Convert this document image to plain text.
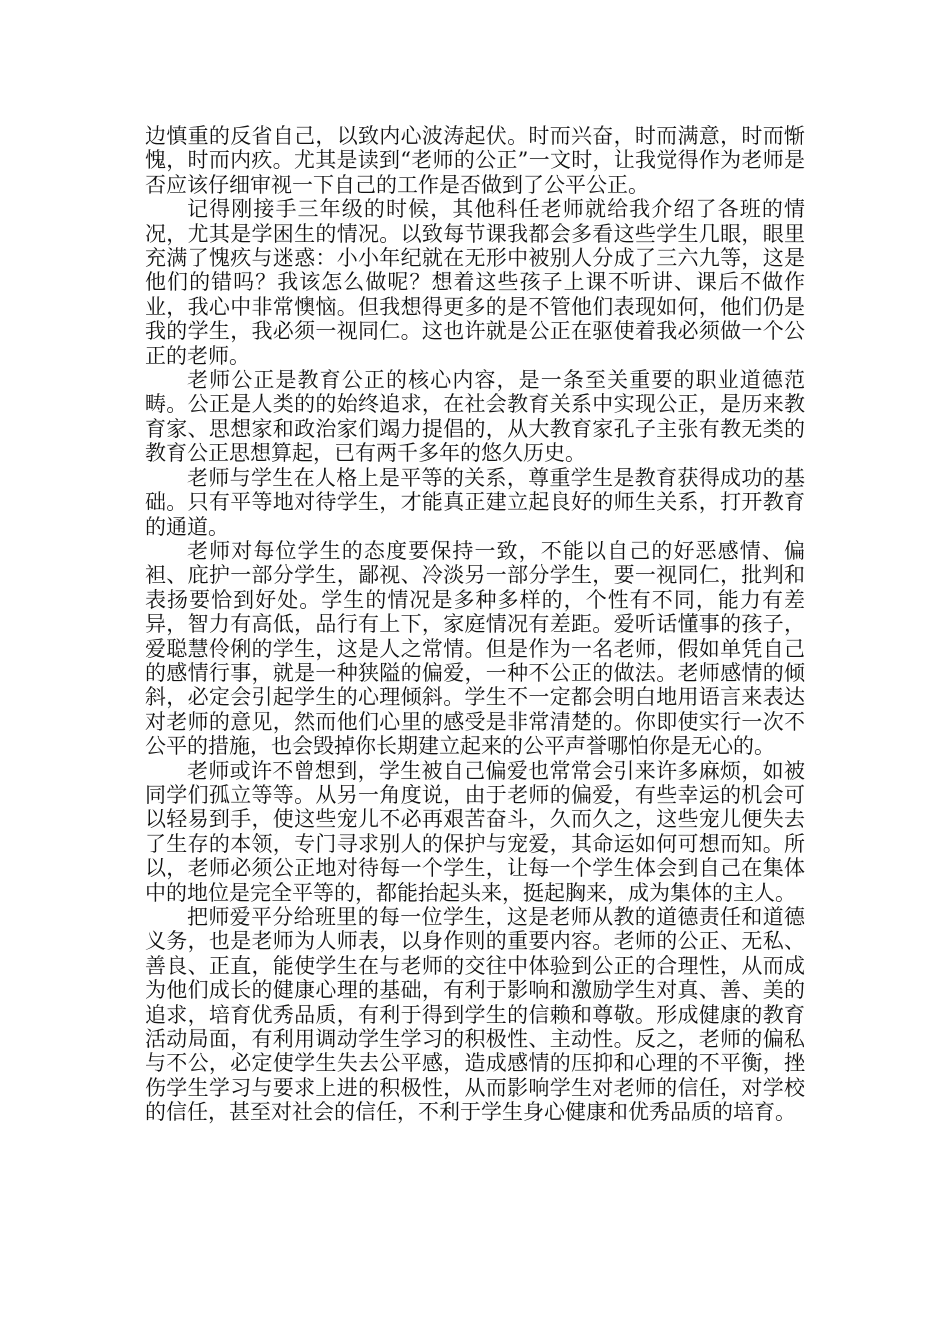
边慎重的反省自己，以致内心波涛起伏。时而兴奋，时而满意，时而惭愧，时而内疚。尤其是读到“老师的公正”一文时，让我觉得作为老师是否应该仔细审视一下自己的工作是否做到了公平公正。

记得刚接手三年级的时候，其他科任老师就给我介绍了各班的情况，尤其是学困生的情况。以致每节课我都会多看这些学生几眼，眼里充满了愧疚与迷惑：小小年纪就在无形中被别人分成了三六九等，这是他们的错吗？我该怎么做呢？想着这些孩子上课不听讲、课后不做作业，我心中非常懊恼。但我想得更多的是不管他们表现如何，他们仍是我的学生，我必须一视同仁。这也许就是公正在驱使着我必须做一个公正的老师。

老师公正是教育公正的核心内容，是一条至关重要的职业道德范畴。公正是人类的的始终追求，在社会教育关系中实现公正，是历来教育家、思想家和政治家们竭力提倡的，从大教育家孔子主张有教无类的教育公正思想算起，已有两千多年的悠久历史。

老师与学生在人格上是平等的关系，尊重学生是教育获得成功的基础。只有平等地对待学生，才能真正建立起良好的师生关系，打开教育的通道。

老师对每位学生的态度要保持一致，不能以自己的好恶感情、偏袒、庇护一部分学生，鄙视、冷淡另一部分学生，要一视同仁，批判和表扬要恰到好处。学生的情况是多种多样的，个性有不同，能力有差异，智力有高低，品行有上下，家庭情况有差距。爱听话懂事的孩子，爱聪慧伶俐的学生，这是人之常情。但是作为一名老师，假如单凭自己的感情行事，就是一种狭隘的偏爱，一种不公正的做法。老师感情的倾斜，必定会引起学生的心理倾斜。学生不一定都会明白地用语言来表达对老师的意见，然而他们心里的感受是非常清楚的。你即使实行一次不公平的措施，也会毁掉你长期建立起来的公平声誉哪怕你是无心的。

老师或许不曾想到，学生被自己偏爱也常常会引来许多麻烦，如被同学们孤立等等。从另一角度说，由于老师的偏爱，有些幸运的机会可以轻易到手，使这些宠儿不必再艰苦奋斗，久而久之，这些宠儿便失去了生存的本领，专门寻求别人的保护与宠爱，其命运如何可想而知。所以，老师必须公正地对待每一个学生，让每一个学生体会到自己在集体中的地位是完全平等的，都能抬起头来，挺起胸来，成为集体的主人。

把师爱平分给班里的每一位学生，这是老师从教的道德责任和道德义务，也是老师为人师表，以身作则的重要内容。老师的公正、无私、善良、正直，能使学生在与老师的交往中体验到公正的合理性，从而成为他们成长的健康心理的基础，有利于影响和激励学生对真、善、美的追求，培育优秀品质，有利于得到学生的信赖和尊敬。形成健康的教育活动局面，有利用调动学生学习的积极性、主动性。反之，老师的偏私与不公，必定使学生失去公平感，造成感情的压抑和心理的不平衡，挫伤学生学习与要求上进的积极性，从而影响学生对老师的信任，对学校的信任，甚至对社会的信任，不利于学生身心健康和优秀品质的培育。
